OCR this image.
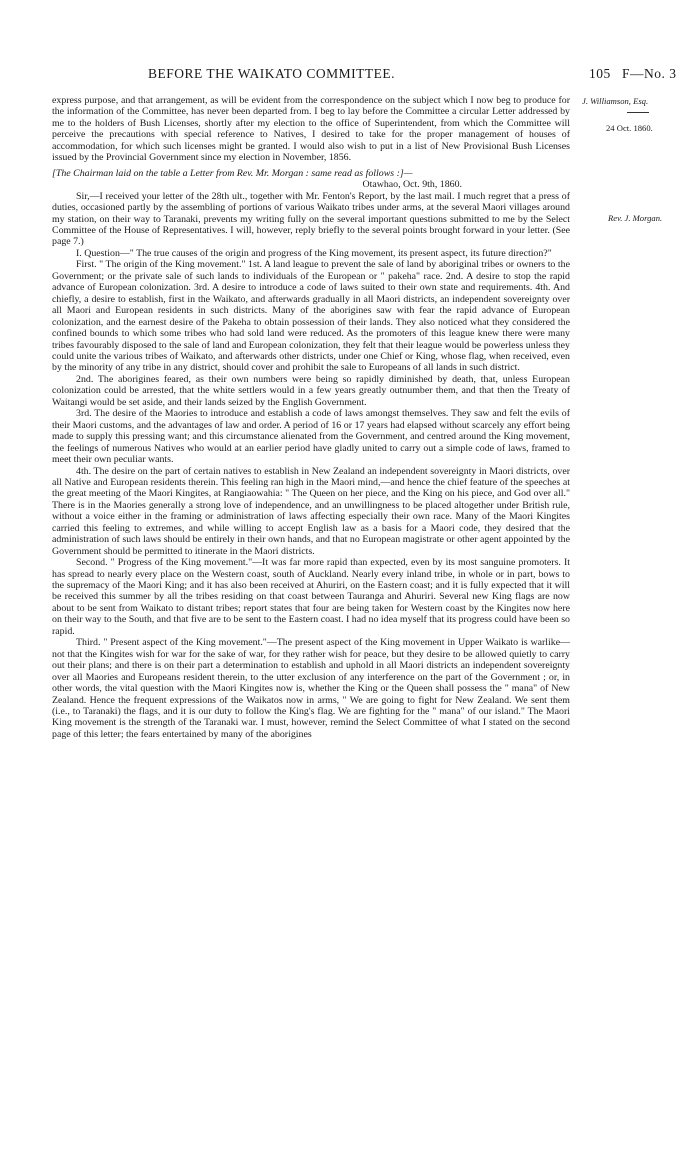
BEFORE THE WAIKATO COMMITTEE.	105 F—No. 3
J. Williamson, Esq.
24 Oct. 1860.
Rev. J. Morgan.

express purpose, and that arrangement, as will be evident from the correspondence on the subject which I now beg to produce for the information of the Committee, has never been departed from. I beg to lay before the Committee a circular Letter addressed by me to the holders of Bush Licenses, shortly after my election to the office of Superintendent, from which the Committee will perceive the precautions with special reference to Natives, I desired to take for the proper management of houses of accommodation, for which such licenses might be granted. I would also wish to put in a list of New Provisional Bush Licenses issued by the Provincial Government since my election in November, 1856.

[The Chairman laid on the table a Letter from Rev. Mr. Morgan : same read as follows :]—

Otawhao, Oct. 9th, 1860.

Sir,—I received your letter of the 28th ult., together with Mr. Fenton's Report, by the last mail. I much regret that a press of duties, occasioned partly by the assembling of portions of various Waikato tribes under arms, at the several Maori villages around my station, on their way to Taranaki, prevents my writing fully on the several important questions submitted to me by the Select Committee of the House of Representatives. I will, however, reply briefly to the several points brought forward in your letter. (See page 7.)

I. Question—" The true causes of the origin and progress of the King movement, its present aspect, its future direction?"

First. " The origin of the King movement." 1st. A land league to prevent the sale of land by aboriginal tribes or owners to the Government; or the private sale of such lands to individuals of the European or " pakeha" race. 2nd. A desire to stop the rapid advance of European colonization. 3rd. A desire to introduce a code of laws suited to their own state and requirements. 4th. And chiefly, a desire to establish, first in the Waikato, and afterwards gradually in all Maori districts, an independent sovereignty over all Maori and European residents in such districts. Many of the aborigines saw with fear the rapid advance of European colonization, and the earnest desire of the Pakeha to obtain possession of their lands. They also noticed what they considered the confined bounds to which some tribes who had sold land were reduced. As the promoters of this league knew there were many tribes favourably disposed to the sale of land and European colonization, they felt that their league would be powerless unless they could unite the various tribes of Waikato, and afterwards other districts, under one Chief or King, whose flag, when received, even by the minority of any tribe in any district, should cover and prohibit the sale to Europeans of all lands in such district.

2nd. The aborigines feared, as their own numbers were being so rapidly diminished by death, that, unless European colonization could be arrested, that the white settlers would in a few years greatly outnumber them, and that then the Treaty of Waitangi would be set aside, and their lands seized by the English Government.

3rd. The desire of the Maories to introduce and establish a code of laws amongst themselves. They saw and felt the evils of their Maori customs, and the advantages of law and order. A period of 16 or 17 years had elapsed without scarcely any effort being made to supply this pressing want; and this circumstance alienated from the Government, and centred around the King movement, the feelings of numerous Natives who would at an earlier period have gladly united to carry out a simple code of laws, framed to meet their own peculiar wants.

4th. The desire on the part of certain natives to establish in New Zealand an independent sovereignty in Maori districts, over all Native and European residents therein. This feeling ran high in the Maori mind,—and hence the chief feature of the speeches at the great meeting of the Maori Kingites, at Rangiaowahia: " The Queen on her piece, and the King on his piece, and God over all." There is in the Maories generally a strong love of independence, and an unwillingness to be placed altogether under British rule, without a voice either in the framing or administration of laws affecting especially their own race. Many of the Maori Kingites carried this feeling to extremes, and while willing to accept English law as a basis for a Maori code, they desired that the administration of such laws should be entirely in their own hands, and that no European magistrate or other agent appointed by the Government should be permitted to itinerate in the Maori districts.

Second. " Progress of the King movement."—It was far more rapid than expected, even by its most sanguine promoters. It has spread to nearly every place on the Western coast, south of Auckland. Nearly every inland tribe, in whole or in part, bows to the supremacy of the Maori King; and it has also been received at Ahuriri, on the Eastern coast; and it is fully expected that it will be received this summer by all the tribes residing on that coast between Tauranga and Ahuriri. Several new King flags are now about to be sent from Waikato to distant tribes; report states that four are being taken for Western coast by the Kingites now here on their way to the South, and that five are to be sent to the Eastern coast. I had no idea myself that its progress could have been so rapid.

Third. " Present aspect of the King movement."—The present aspect of the King movement in Upper Waikato is warlike—not that the Kingites wish for war for the sake of war, for they rather wish for peace, but they desire to be allowed quietly to carry out their plans; and there is on their part a determination to establish and uphold in all Maori districts an independent sovereignty over all Maories and Europeans resident therein, to the utter exclusion of any interference on the part of the Government ; or, in other words, the vital question with the Maori Kingites now is, whether the King or the Queen shall possess the " mana" of New Zealand. Hence the frequent expressions of the Waikatos now in arms, " We are going to fight for New Zealand. We sent them (i.e., to Taranaki) the flags, and it is our duty to follow the King's flag. We are fighting for the " mana" of our island." The Maori King movement is the strength of the Taranaki war. I must, however, remind the Select Committee of what I stated on the second page of this letter; the fears entertained by many of the aborigines
